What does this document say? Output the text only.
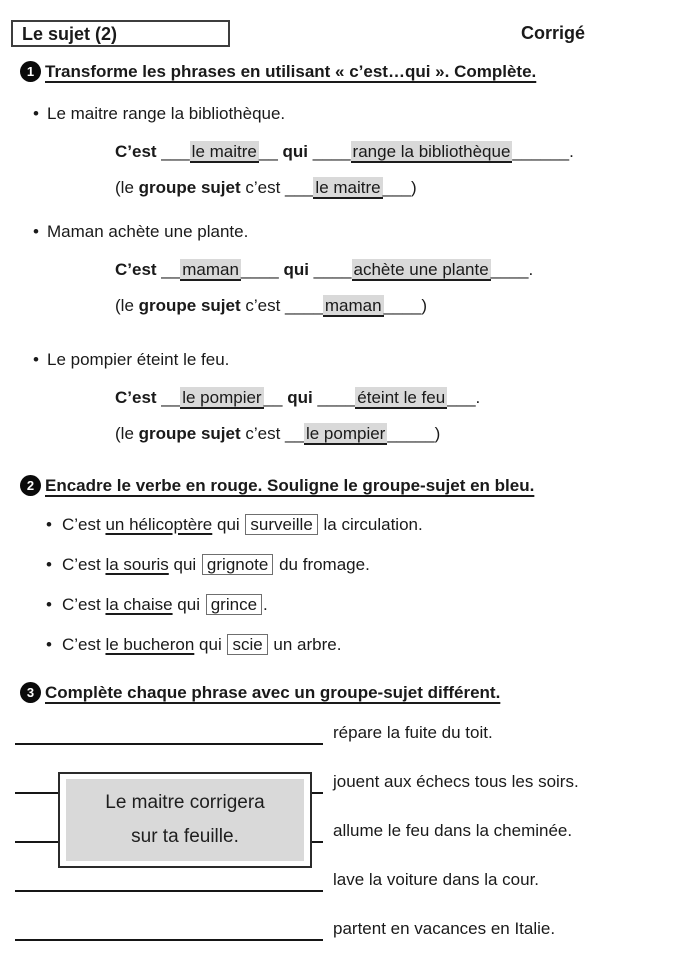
Le sujet (2)	Corrigé
1 Transforme les phrases en utilisant « c’est…qui ». Complète.
• Le maitre range la bibliothèque.
C’est ___ le maitre __ qui ____ range la bibliothèque ______.
(le groupe sujet c’est ___ le maitre ___)
• Maman achète une plante.
C’est __ maman ____ qui ____ achète une plante ____.
(le groupe sujet c’est ____ maman ____)
• Le pompier éteint le feu.
C’est __ le pompier __ qui ____ éteint le feu ___.
(le groupe sujet c’est __ le pompier _____)
2 Encadre le verbe en rouge. Souligne le groupe-sujet en bleu.
• C’est un hélicoptère qui surveille la circulation.
• C’est la souris qui grignote du fromage.
• C’est la chaise qui grince .
• C’est le bucheron qui scie un arbre.
3 Complète chaque phrase avec un groupe-sujet différent.
répare la fuite du toit.
jouent aux échecs tous les soirs.
allume le feu dans la cheminée.
lave la voiture dans la cour.
partent en vacances en Italie.
Le maitre corrigera
sur ta feuille.
